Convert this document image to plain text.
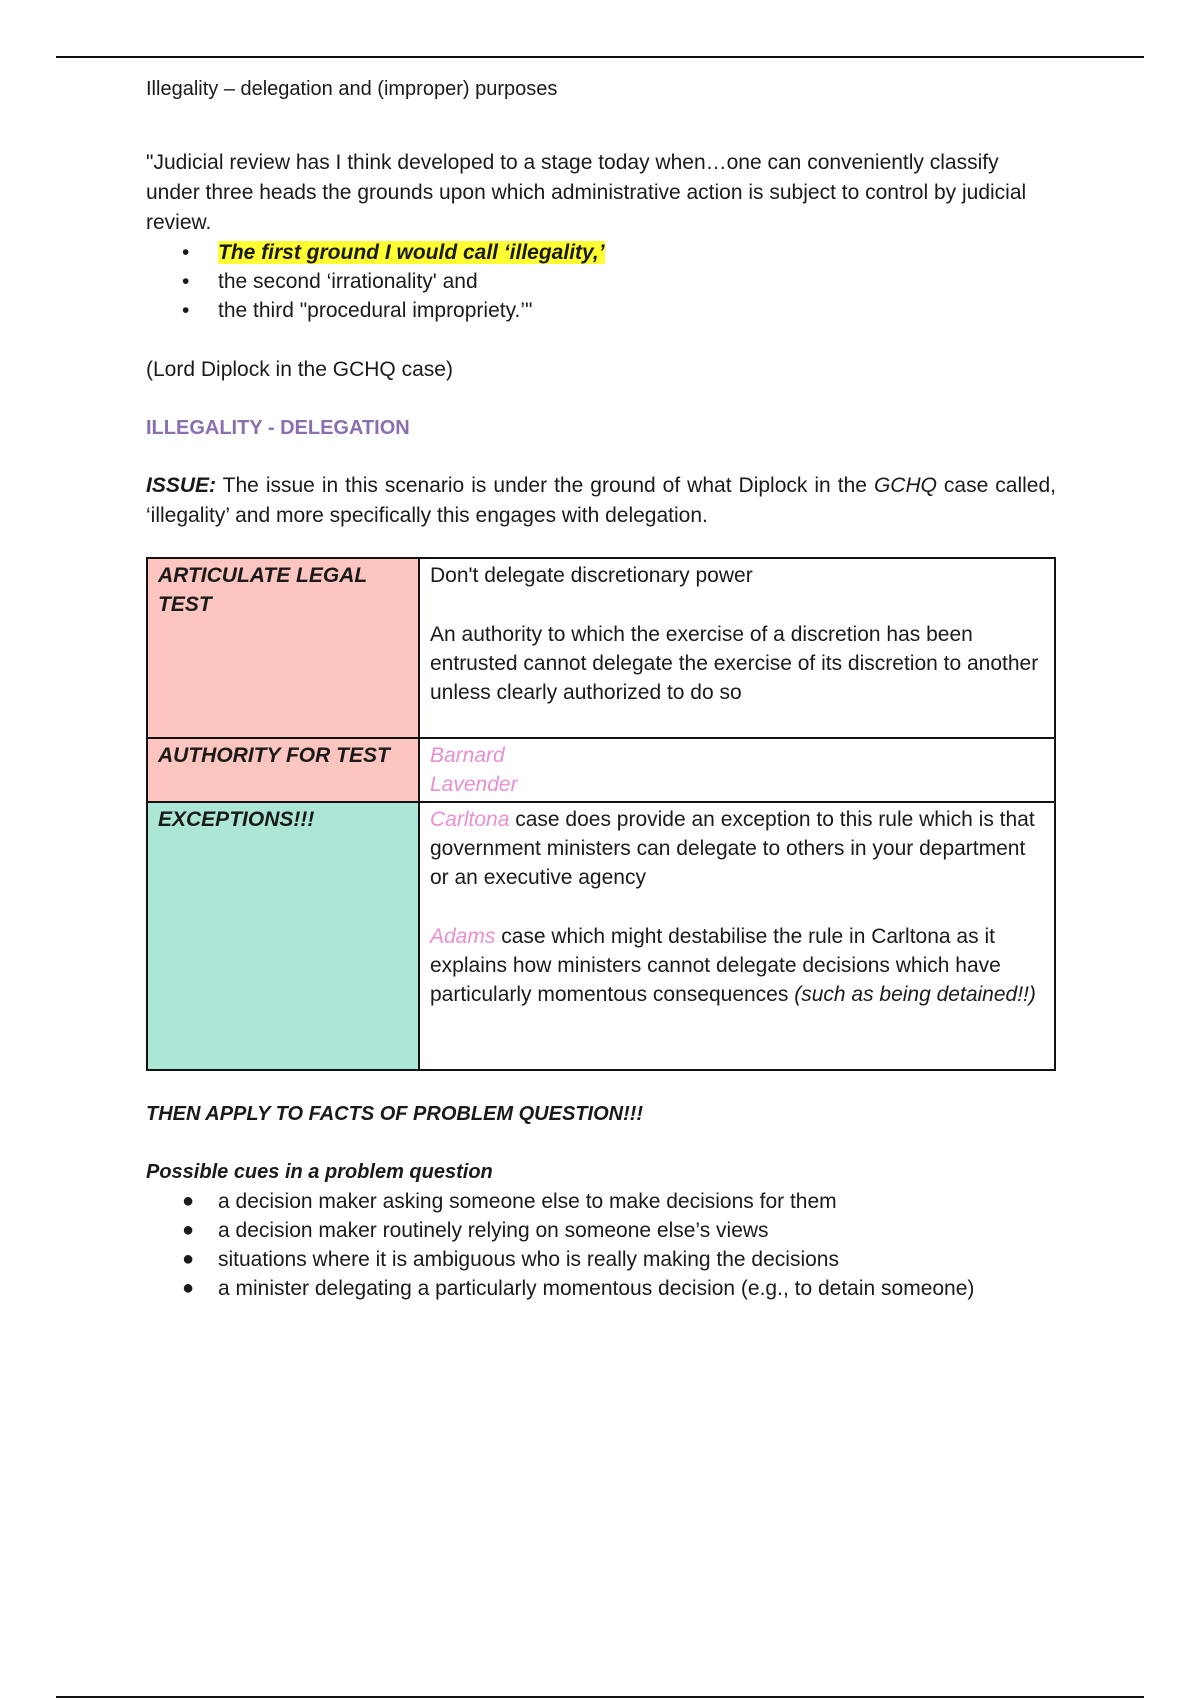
Illegality – delegation and (improper) purposes
"Judicial review has I think developed to a stage today when…one can conveniently classify under three heads the grounds upon which administrative action is subject to control by judicial review.
• The first ground I would call ‘illegality,’
• the second ‘irrationality' and
• the third "procedural impropriety.’"
(Lord Diplock in the GCHQ case)
ILLEGALITY - DELEGATION
ISSUE: The issue in this scenario is under the ground of what Diplock in the GCHQ case called, ‘illegality’ and more specifically this engages with delegation.
ARTICULATE LEGAL TEST	Don't delegate discretionary power
An authority to which the exercise of a discretion has been entrusted cannot delegate the exercise of its discretion to another unless clearly authorized to do so

AUTHORITY FOR TEST	Barnard
Lavender

EXCEPTIONS!!!	Carltona case does provide an exception to this rule which is that government ministers can delegate to others in your department or an executive agency
Adams case which might destabilise the rule in Carltona as it explains how ministers cannot delegate decisions which have particularly momentous consequences (such as being detained!!)
THEN APPLY TO FACTS OF PROBLEM QUESTION!!!
Possible cues in a problem question
● a decision maker asking someone else to make decisions for them
● a decision maker routinely relying on someone else’s views
● situations where it is ambiguous who is really making the decisions
● a minister delegating a particularly momentous decision (e.g., to detain someone)
